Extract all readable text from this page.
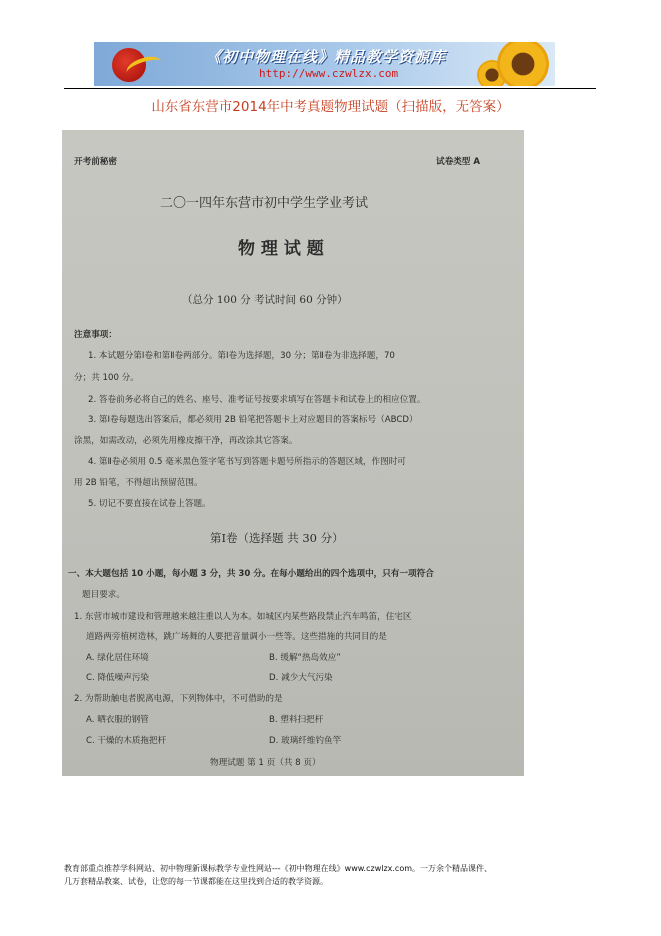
《初中物理在线》精品教学资源库
http://www.czwlzx.com
山东省东营市2014年中考真题物理试题（扫描版，无答案）
开考前秘密	试卷类型 A
二〇一四年东营市初中学生学业考试
物 理 试 题
（总分 100 分 考试时间 60 分钟）
注意事项：
1. 本试题分第Ⅰ卷和第Ⅱ卷两部分。第Ⅰ卷为选择题，30 分；第Ⅱ卷为非选择题，70
分；共 100 分。
2. 答卷前务必将自己的姓名、座号、准考证号按要求填写在答题卡和试卷上的相应位置。
3. 第Ⅰ卷每题选出答案后，都必须用 2B 铅笔把答题卡上对应题目的答案标号（ABCD）
涂黑，如需改动，必须先用橡皮擦干净，再改涂其它答案。
4. 第Ⅱ卷必须用 0.5 毫米黑色签字笔书写到答题卡题号所指示的答题区域，作图时可
用 2B 铅笔，不得超出预留范围。
5. 切记不要直接在试卷上答题。
第Ⅰ卷（选择题 共 30 分）
一、本大题包括 10 小题，每小题 3 分，共 30 分。在每小题给出的四个选项中，只有一项符合
题目要求。
1. 东营市城市建设和管理越来越注重以人为本。如城区内某些路段禁止汽车鸣笛，住宅区
道路两旁植树造林，跳广场舞的人要把音量调小一些等。这些措施的共同目的是
A. 绿化居住环境	B. 缓解“热岛效应”
C. 降低噪声污染	D. 减少大气污染
2. 为帮助触电者脱离电源，下列物体中，不可借助的是
A. 晒衣服的钢管	B. 塑料扫把杆
C. 干燥的木质拖把杆	D. 玻璃纤维钓鱼竿
物理试题 第 1 页（共 8 页）
教育部重点推荐学科网站、初中物理新课标教学专业性网站---《初中物理在线》www.czwlzx.com。一万余个精品课件、
几万套精品教案、试卷，让您的每一节课都能在这里找到合适的教学资源。
